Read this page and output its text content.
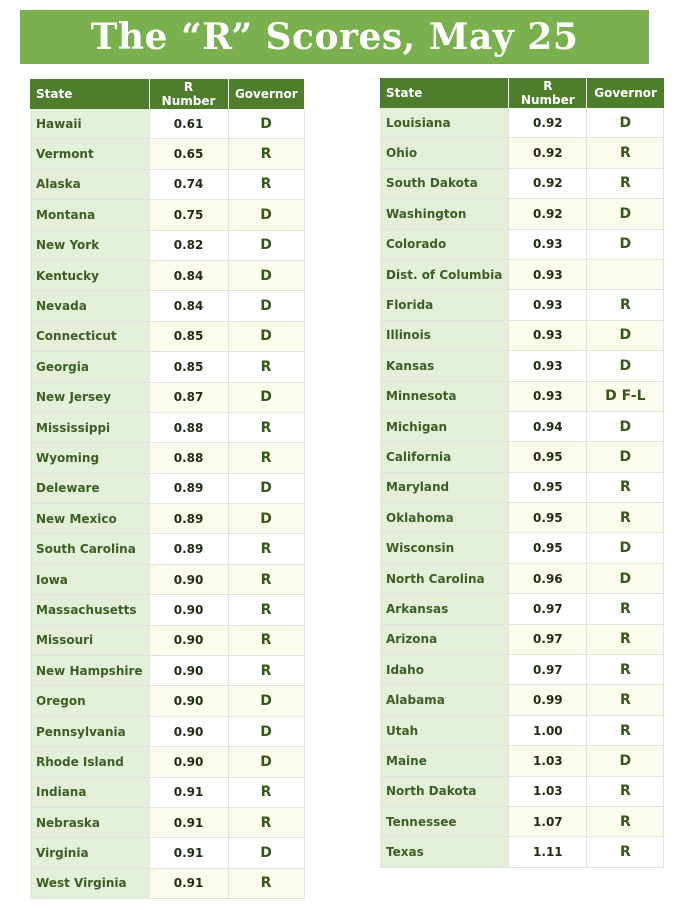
The “R” Scores, May 25
State	R Number	Governor
Hawaii	0.61	D
Vermont	0.65	R
Alaska	0.74	R
Montana	0.75	D
New York	0.82	D
Kentucky	0.84	D
Nevada	0.84	D
Connecticut	0.85	D
Georgia	0.85	R
New Jersey	0.87	D
Mississippi	0.88	R
Wyoming	0.88	R
Deleware	0.89	D
New Mexico	0.89	D
South Carolina	0.89	R
Iowa	0.90	R
Massachusetts	0.90	R
Missouri	0.90	R
New Hampshire	0.90	R
Oregon	0.90	D
Pennsylvania	0.90	D
Rhode Island	0.90	D
Indiana	0.91	R
Nebraska	0.91	R
Virginia	0.91	D
West Virginia	0.91	R
State	R Number	Governor
Louisiana	0.92	D
Ohio	0.92	R
South Dakota	0.92	R
Washington	0.92	D
Colorado	0.93	D
Dist. of Columbia	0.93	
Florida	0.93	R
Illinois	0.93	D
Kansas	0.93	D
Minnesota	0.93	D F-L
Michigan	0.94	D
California	0.95	D
Maryland	0.95	R
Oklahoma	0.95	R
Wisconsin	0.95	D
North Carolina	0.96	D
Arkansas	0.97	R
Arizona	0.97	R
Idaho	0.97	R
Alabama	0.99	R
Utah	1.00	R
Maine	1.03	D
North Dakota	1.03	R
Tennessee	1.07	R
Texas	1.11	R
